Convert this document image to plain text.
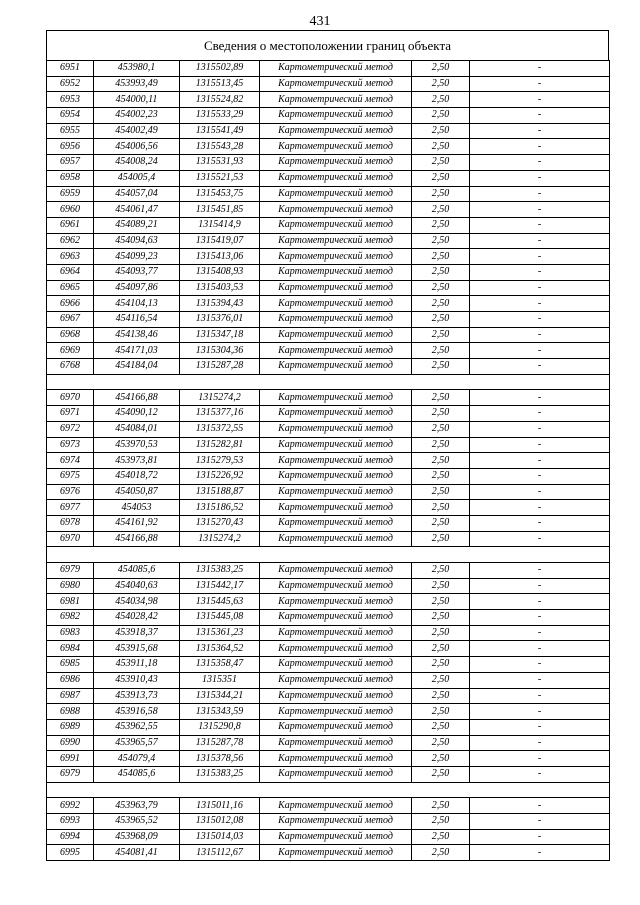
431
Сведения о местоположении границ объекта
6951	453980,1	1315502,89	Картометрический метод	2,50	-
6952	453993,49	1315513,45	Картометрический метод	2,50	-
6953	454000,11	1315524,82	Картометрический метод	2,50	-
6954	454002,23	1315533,29	Картометрический метод	2,50	-
6955	454002,49	1315541,49	Картометрический метод	2,50	-
6956	454006,56	1315543,28	Картометрический метод	2,50	-
6957	454008,24	1315531,93	Картометрический метод	2,50	-
6958	454005,4	1315521,53	Картометрический метод	2,50	-
6959	454057,04	1315453,75	Картометрический метод	2,50	-
6960	454061,47	1315451,85	Картометрический метод	2,50	-
6961	454089,21	1315414,9	Картометрический метод	2,50	-
6962	454094,63	1315419,07	Картометрический метод	2,50	-
6963	454099,23	1315413,06	Картометрический метод	2,50	-
6964	454093,77	1315408,93	Картометрический метод	2,50	-
6965	454097,86	1315403,53	Картометрический метод	2,50	-
6966	454104,13	1315394,43	Картометрический метод	2,50	-
6967	454116,54	1315376,01	Картометрический метод	2,50	-
6968	454138,46	1315347,18	Картометрический метод	2,50	-
6969	454171,03	1315304,36	Картометрический метод	2,50	-
6768	454184,04	1315287,28	Картометрический метод	2,50	-

6970	454166,88	1315274,2	Картометрический метод	2,50	-
6971	454090,12	1315377,16	Картометрический метод	2,50	-
6972	454084,01	1315372,55	Картометрический метод	2,50	-
6973	453970,53	1315282,81	Картометрический метод	2,50	-
6974	453973,81	1315279,53	Картометрический метод	2,50	-
6975	454018,72	1315226,92	Картометрический метод	2,50	-
6976	454050,87	1315188,87	Картометрический метод	2,50	-
6977	454053	1315186,52	Картометрический метод	2,50	-
6978	454161,92	1315270,43	Картометрический метод	2,50	-
6970	454166,88	1315274,2	Картометрический метод	2,50	-

6979	454085,6	1315383,25	Картометрический метод	2,50	-
6980	454040,63	1315442,17	Картометрический метод	2,50	-
6981	454034,98	1315445,63	Картометрический метод	2,50	-
6982	454028,42	1315445,08	Картометрический метод	2,50	-
6983	453918,37	1315361,23	Картометрический метод	2,50	-
6984	453915,68	1315364,52	Картометрический метод	2,50	-
6985	453911,18	1315358,47	Картометрический метод	2,50	-
6986	453910,43	1315351	Картометрический метод	2,50	-
6987	453913,73	1315344,21	Картометрический метод	2,50	-
6988	453916,58	1315343,59	Картометрический метод	2,50	-
6989	453962,55	1315290,8	Картометрический метод	2,50	-
6990	453965,57	1315287,78	Картометрический метод	2,50	-
6991	454079,4	1315378,56	Картометрический метод	2,50	-
6979	454085,6	1315383,25	Картометрический метод	2,50	-

6992	453963,79	1315011,16	Картометрический метод	2,50	-
6993	453965,52	1315012,08	Картометрический метод	2,50	-
6994	453968,09	1315014,03	Картометрический метод	2,50	-
6995	454081,41	1315112,67	Картометрический метод	2,50	-
